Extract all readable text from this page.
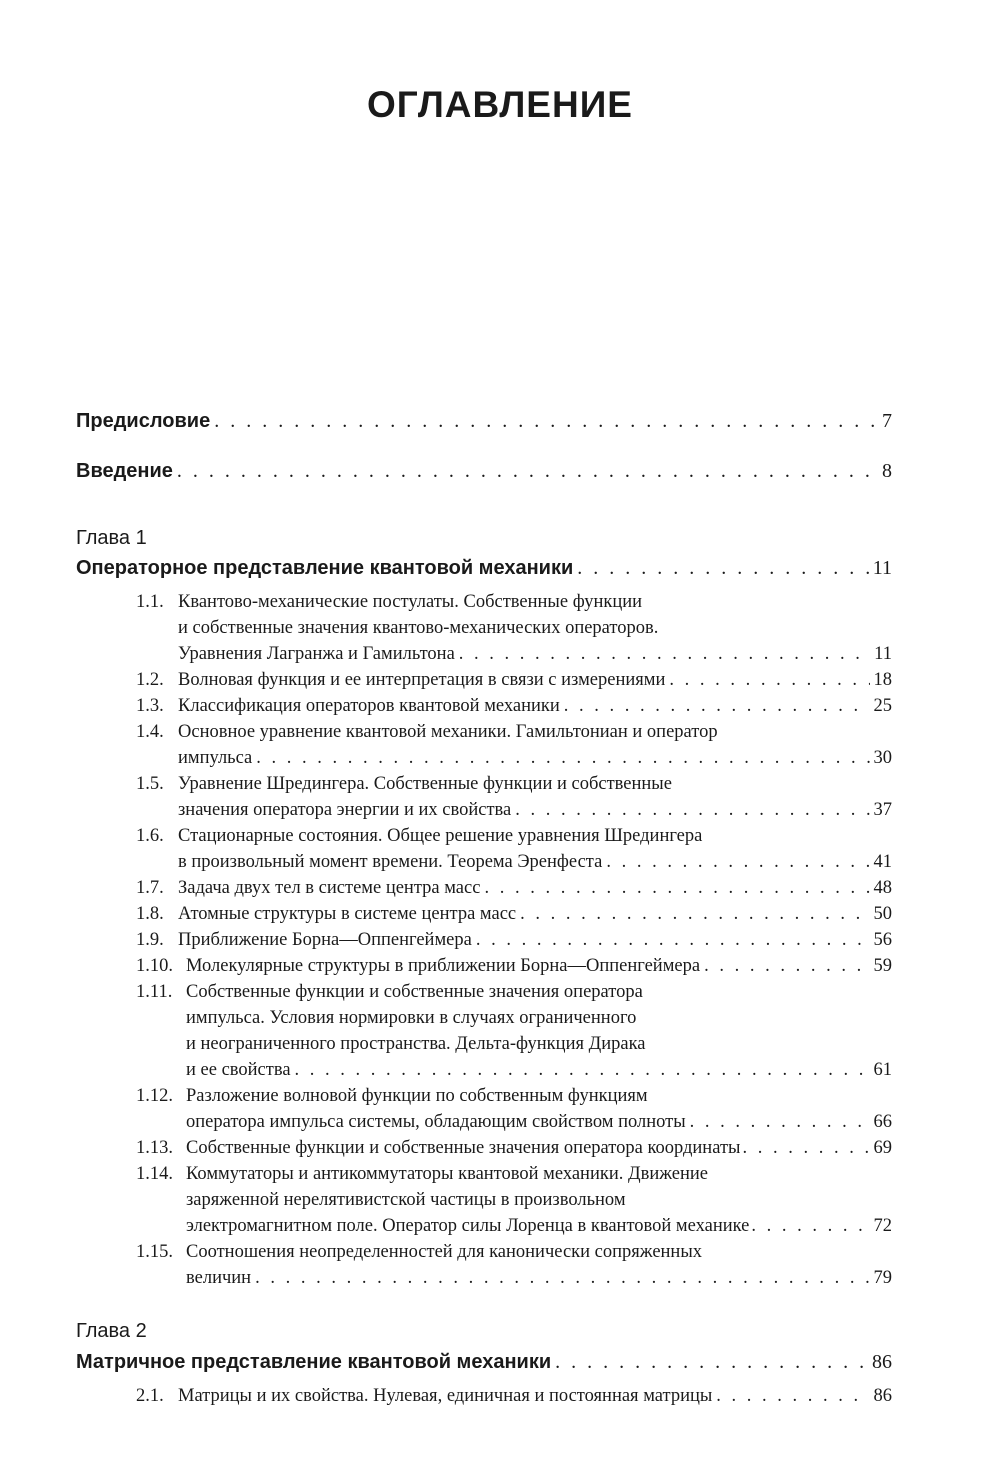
ОГЛАВЛЕНИЕ
Предисловие . . .	7
Введение . . .	8
Глава 1
Операторное представление квантовой механики . . .	11
1.1. Квантово-механические постулаты. Собственные функции
и собственные значения квантово-механических операторов.
Уравнения Лагранжа и Гамильтона . . .	11
1.2. Волновая функция и ее интерпретация в связи с измерениями . . .	18
1.3. Классификация операторов квантовой механики . . .	25
1.4. Основное уравнение квантовой механики. Гамильтониан и оператор
импульса . . .	30
1.5. Уравнение Шредингера. Собственные функции и собственные
значения оператора энергии и их свойства . . .	37
1.6. Стационарные состояния. Общее решение уравнения Шредингера
в произвольный момент времени. Теорема Эренфеста . . .	41
1.7. Задача двух тел в системе центра масс . . .	48
1.8. Атомные структуры в системе центра масс . . .	50
1.9. Приближение Борна—Оппенгеймера . . .	56
1.10. Молекулярные структуры в приближении Борна—Оппенгеймера . . .	59
1.11. Собственные функции и собственные значения оператора
импульса. Условия нормировки в случаях ограниченного
и неограниченного пространства. Дельта-функция Дирака
и ее свойства . . .	61
1.12. Разложение волновой функции по собственным функциям
оператора импульса системы, обладающим свойством полноты . . .	66
1.13. Собственные функции и собственные значения оператора координаты . . .	69
1.14. Коммутаторы и антикоммутаторы квантовой механики. Движение
заряженной нерелятивистской частицы в произвольном
электромагнитном поле. Оператор силы Лоренца в квантовой механике . . .	72
1.15. Соотношения неопределенностей для канонически сопряженных
величин . . .	79
Глава 2
Матричное представление квантовой механики . . .	86
2.1. Матрицы и их свойства. Нулевая, единичная и постоянная матрицы . . .	86
